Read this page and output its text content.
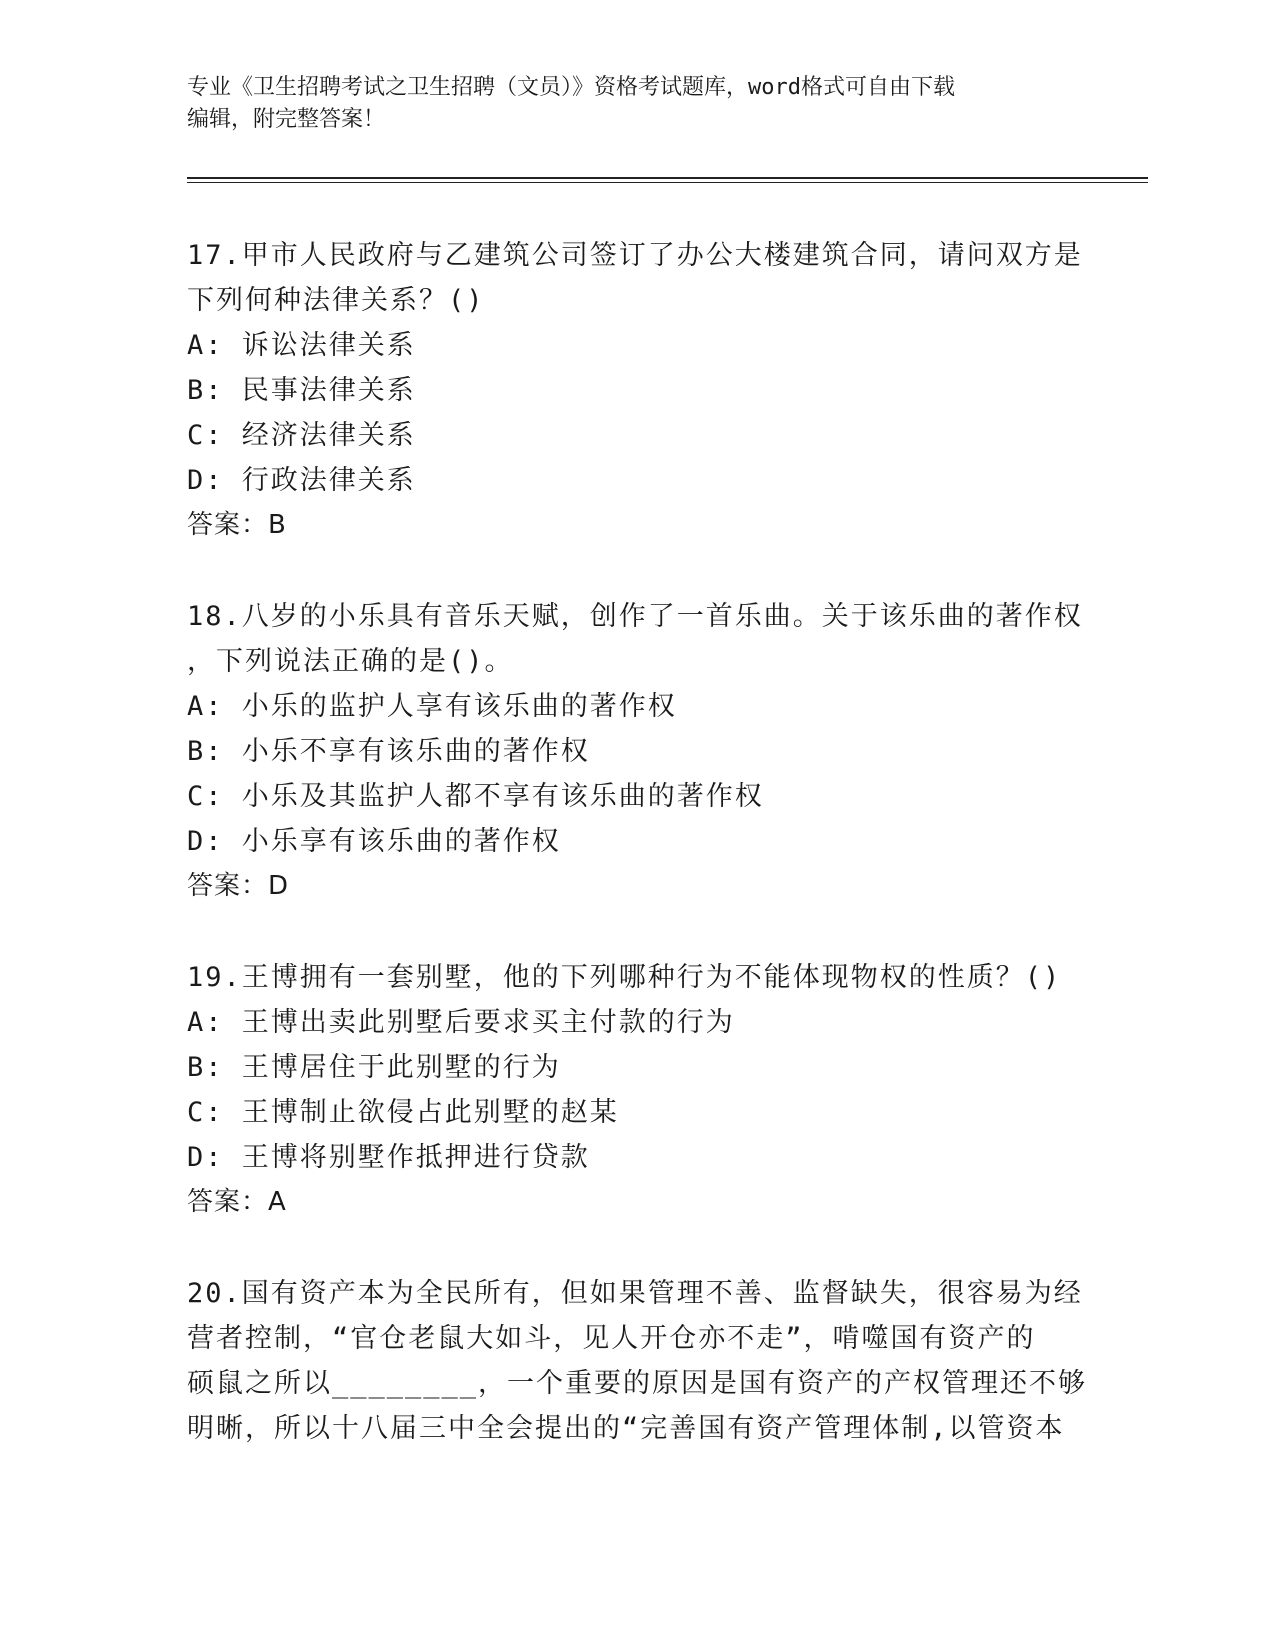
专业《卫生招聘考试之卫生招聘（文员）》资格考试题库，word格式可自由下载
编辑，附完整答案！
17.甲市人民政府与乙建筑公司签订了办公大楼建筑合同，请问双方是
下列何种法律关系？()
A: 诉讼法律关系
B: 民事法律关系
C: 经济法律关系
D: 行政法律关系
答案：B
18.八岁的小乐具有音乐天赋，创作了一首乐曲。关于该乐曲的著作权
，下列说法正确的是()。
A: 小乐的监护人享有该乐曲的著作权
B: 小乐不享有该乐曲的著作权
C: 小乐及其监护人都不享有该乐曲的著作权
D: 小乐享有该乐曲的著作权
答案：D
19.王博拥有一套别墅，他的下列哪种行为不能体现物权的性质？()
A: 王博出卖此别墅后要求买主付款的行为
B: 王博居住于此别墅的行为
C: 王博制止欲侵占此别墅的赵某
D: 王博将别墅作抵押进行贷款
答案：A
20.国有资产本为全民所有，但如果管理不善、监督缺失，很容易为经
营者控制，“官仓老鼠大如斗，见人开仓亦不走”，啃噬国有资产的
硕鼠之所以________，一个重要的原因是国有资产的产权管理还不够
明晰，所以十八届三中全会提出的“完善国有资产管理体制,以管资本
